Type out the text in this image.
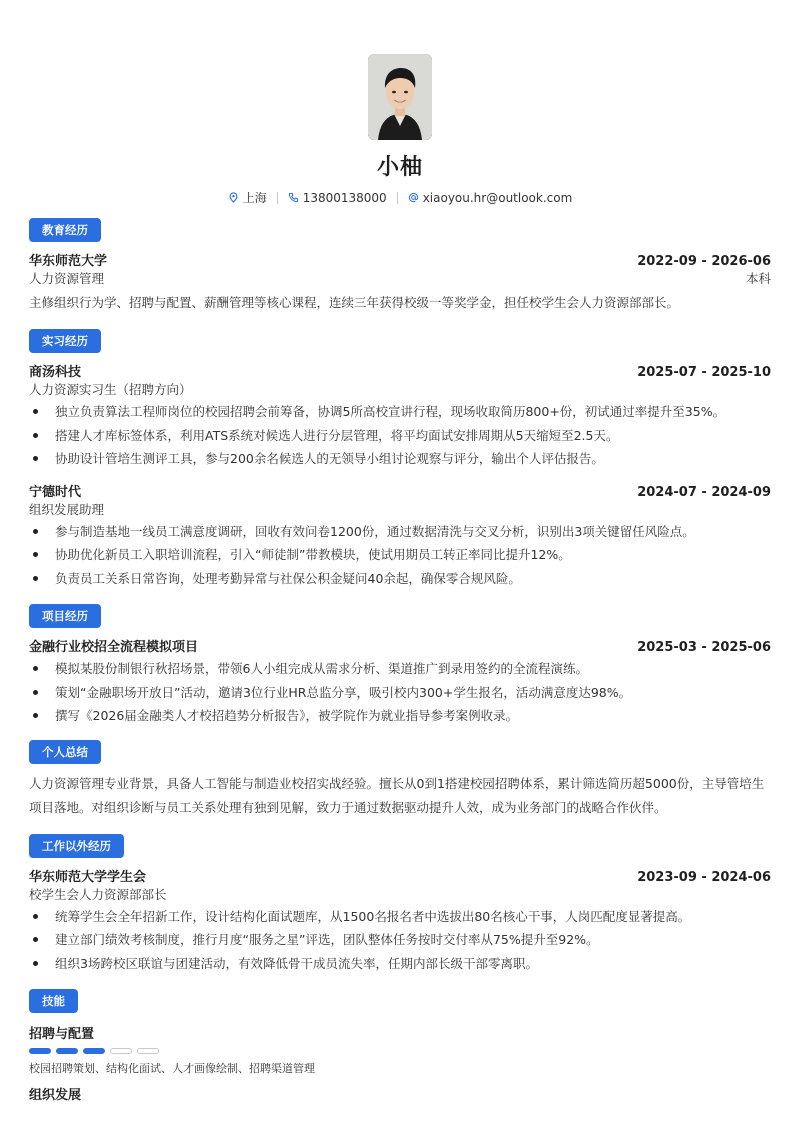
小柚
上海	13800138000	xiaoyou.hr@outlook.com
教育经历
华东师范大学	2022-09 - 2026-06
人力资源管理	本科
主修组织行为学、招聘与配置、薪酬管理等核心课程，连续三年获得校级一等奖学金，担任校学生会人力资源部部长。
实习经历
商汤科技	2025-07 - 2025-10
人力资源实习生（招聘方向）
独立负责算法工程师岗位的校园招聘会前筹备，协调5所高校宣讲行程，现场收取简历800+份，初试通过率提升至35%。
搭建人才库标签体系，利用ATS系统对候选人进行分层管理，将平均面试安排周期从5天缩短至2.5天。
协助设计管培生测评工具，参与200余名候选人的无领导小组讨论观察与评分，输出个人评估报告。
宁德时代	2024-07 - 2024-09
组织发展助理
参与制造基地一线员工满意度调研，回收有效问卷1200份，通过数据清洗与交叉分析，识别出3项关键留任风险点。
协助优化新员工入职培训流程，引入“师徒制”带教模块，使试用期员工转正率同比提升12%。
负责员工关系日常咨询，处理考勤异常与社保公积金疑问40余起，确保零合规风险。
项目经历
金融行业校招全流程模拟项目	2025-03 - 2025-06
模拟某股份制银行秋招场景，带领6人小组完成从需求分析、渠道推广到录用签约的全流程演练。
策划“金融职场开放日”活动，邀请3位行业HR总监分享，吸引校内300+学生报名，活动满意度达98%。
撰写《2026届金融类人才校招趋势分析报告》，被学院作为就业指导参考案例收录。
个人总结
人力资源管理专业背景，具备人工智能与制造业校招实战经验。擅长从0到1搭建校园招聘体系，累计筛选简历超5000份，主导管培生项目落地。对组织诊断与员工关系处理有独到见解，致力于通过数据驱动提升人效，成为业务部门的战略合作伙伴。
工作以外经历
华东师范大学学生会	2023-09 - 2024-06
校学生会人力资源部部长
统筹学生会全年招新工作，设计结构化面试题库，从1500名报名者中选拔出80名核心干事，人岗匹配度显著提高。
建立部门绩效考核制度，推行月度“服务之星”评选，团队整体任务按时交付率从75%提升至92%。
组织3场跨校区联谊与团建活动，有效降低骨干成员流失率，任期内部长级干部零离职。
技能
招聘与配置
校园招聘策划、结构化面试、人才画像绘制、招聘渠道管理
组织发展
